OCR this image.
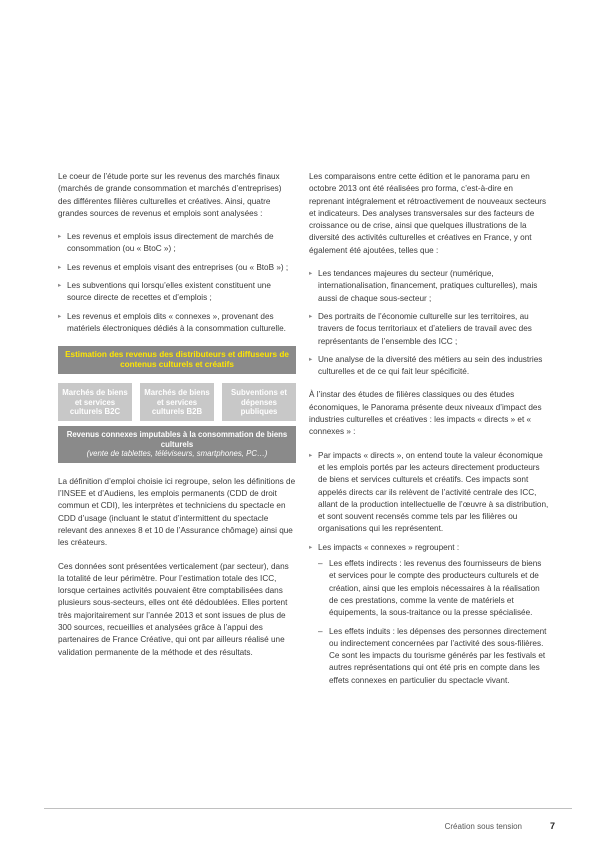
Le coeur de l’étude porte sur les revenus des marchés finaux (marchés de grande consommation et marchés d’entreprises) des différentes filières culturelles et créatives. Ainsi, quatre grandes sources de revenus et emplois sont analysées :

▸ Les revenus et emplois issus directement de marchés de consommation (ou « BtoC ») ;
▸ Les revenus et emplois visant des entreprises (ou « BtoB ») ;
▸ Les subventions qui lorsqu’elles existent constituent une source directe de recettes et d’emplois ;
▸ Les revenus et emplois dits « connexes », provenant des matériels électroniques dédiés à la consommation culturelle.
Estimation des revenus des distributeurs et diffuseurs de contenus culturels et créatifs
Marchés de biens et services culturels B2C
Marchés de biens et services culturels B2B
Subventions et dépenses publiques
Revenus connexes imputables à la consommation de biens culturels
(vente de tablettes, téléviseurs, smartphones, PC…)

La définition d’emploi choisie ici regroupe, selon les définitions de l’INSEE et d’Audiens, les emplois permanents (CDD de droit commun et CDI), les interprètes et techniciens du spectacle en CDD d’usage (incluant le statut d’intermittent du spectacle relevant des annexes 8 et 10 de l’Assurance chômage) ainsi que les créateurs.

Ces données sont présentées verticalement (par secteur), dans la totalité de leur périmètre. Pour l’estimation totale des ICC, lorsque certaines activités pouvaient être comptabilisées dans plusieurs sous-secteurs, elles ont été dédoublées. Elles portent très majoritairement sur l’année 2013 et sont issues de plus de 300 sources, recueillies et analysées grâce à l’appui des partenaires de France Créative, qui ont par ailleurs réalisé une validation permanente de la méthode et des résultats.

Les comparaisons entre cette édition et le panorama paru en octobre 2013 ont été réalisées pro forma, c’est-à-dire en reprenant intégralement et rétroactivement de nouveaux secteurs et indicateurs. Des analyses transversales sur des facteurs de croissance ou de crise, ainsi que quelques illustrations de la diversité des activités culturelles et créatives en France, y ont également été ajoutées, telles que :

▸ Les tendances majeures du secteur (numérique, internationalisation, financement, pratiques culturelles), mais aussi de chaque sous-secteur ;
▸ Des portraits de l’économie culturelle sur les territoires, au travers de focus territoriaux et d’ateliers de travail avec des représentants de l’ensemble des ICC ;
▸ Une analyse de la diversité des métiers au sein des industries culturelles et de ce qui fait leur spécificité.

À l’instar des études de filières classiques ou des études économiques, le Panorama présente deux niveaux d’impact des industries culturelles et créatives : les impacts « directs » et « connexes » :

▸ Par impacts « directs », on entend toute la valeur économique et les emplois portés par les acteurs directement producteurs de biens et services culturels et créatifs. Ces impacts sont appelés directs car ils relèvent de l’activité centrale des ICC, allant de la production intellectuelle de l’œuvre à sa distribution, et sont souvent recensés comme tels par les filières ou organisations qui les représentent.
▸ Les impacts « connexes » regroupent :
– Les effets indirects : les revenus des fournisseurs de biens et services pour le compte des producteurs culturels et de création, ainsi que les emplois nécessaires à la réalisation de ces prestations, comme la vente de matériels et équipements, la sous-traitance ou la presse spécialisée.
– Les effets induits : les dépenses des personnes directement ou indirectement concernées par l’activité des sous-filières. Ce sont les impacts du tourisme générés par les festivals et autres représentations qui ont été pris en compte dans les effets connexes en particulier du spectacle vivant.
Création sous tension	7
